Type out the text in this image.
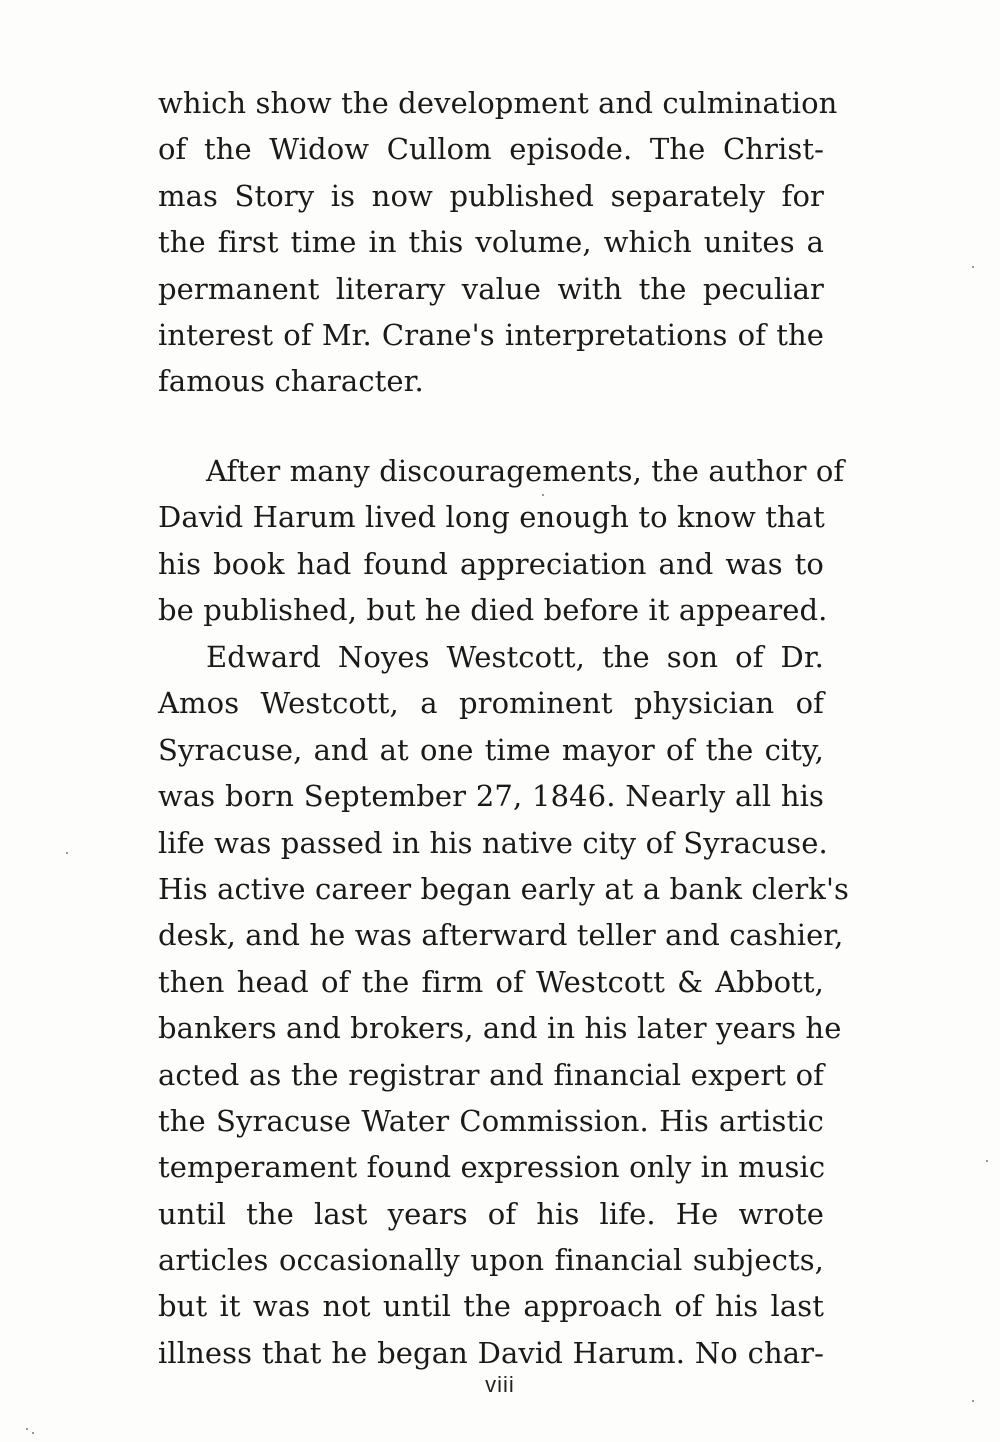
which show the development and culmination
of the Widow Cullom episode. The Christ-
mas Story is now published separately for
the first time in this volume, which unites a
permanent literary value with the peculiar
interest of Mr. Crane's interpretations of the
famous character.
After many discouragements, the author of
David Harum lived long enough to know that
his book had found appreciation and was to
be published, but he died before it appeared.
Edward Noyes Westcott, the son of Dr.
Amos Westcott, a prominent physician of
Syracuse, and at one time mayor of the city,
was born September 27, 1846. Nearly all his
life was passed in his native city of Syracuse.
His active career began early at a bank clerk's
desk, and he was afterward teller and cashier,
then head of the firm of Westcott & Abbott,
bankers and brokers, and in his later years he
acted as the registrar and financial expert of
the Syracuse Water Commission. His artistic
temperament found expression only in music
until the last years of his life. He wrote
articles occasionally upon financial subjects,
but it was not until the approach of his last
illness that he began David Harum. No char-
viii
